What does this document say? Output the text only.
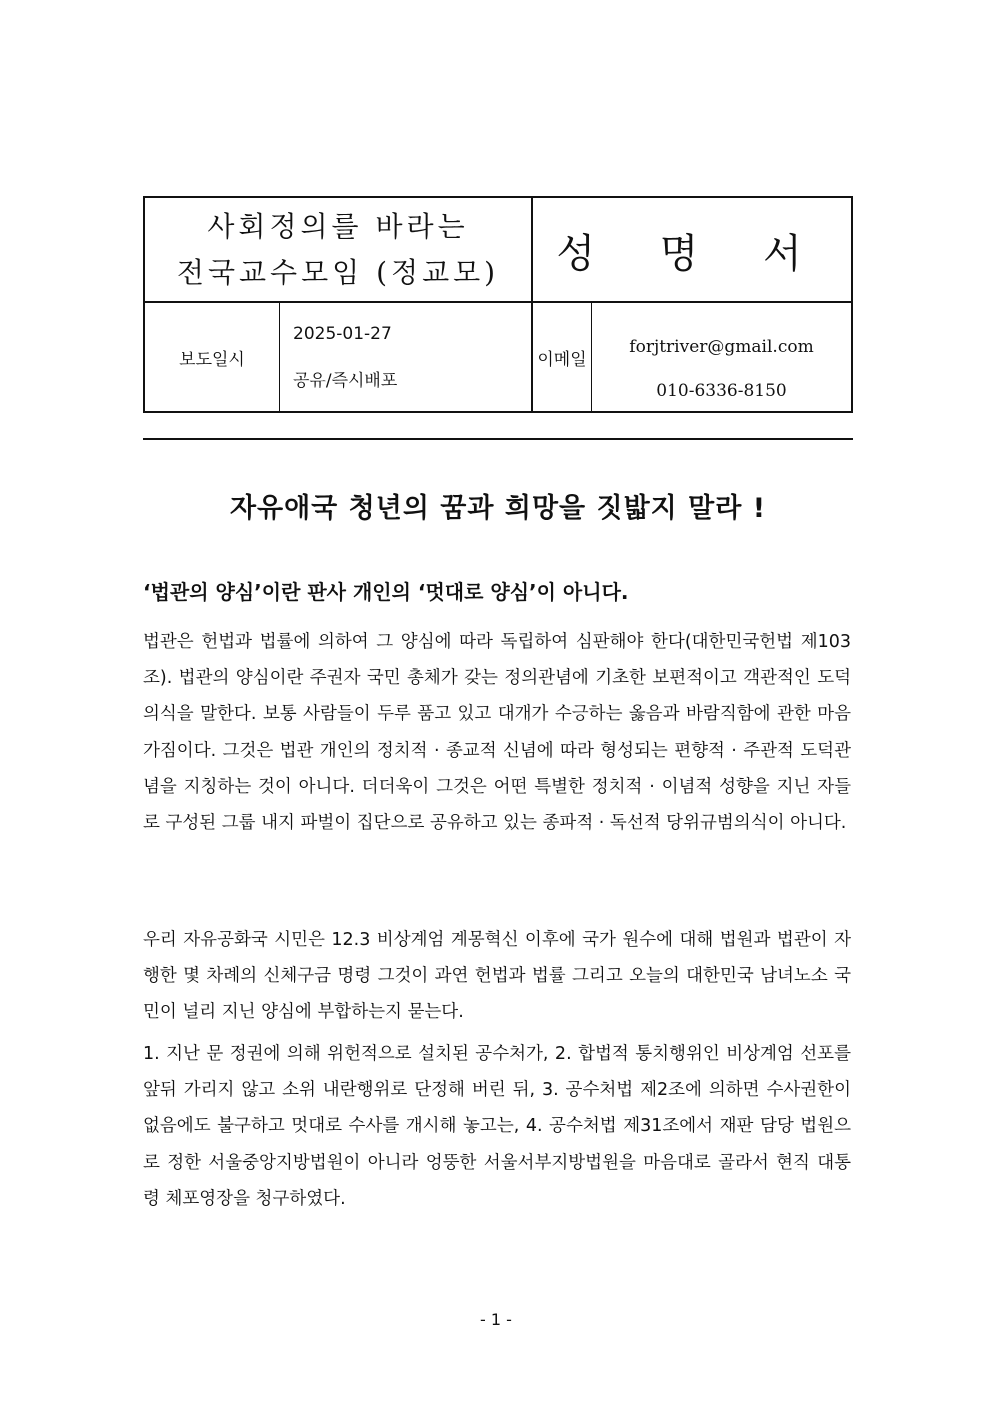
사회정의를 바라는
전국교수모임 (정교모)	성 명 서
보도일시
2025-01-27
공유/즉시배포
이메일
forjtriver@gmail.com
010-6336-8150
자유애국 청년의 꿈과 희망을 짓밟지 말라 !
‘법관의 양심’이란 판사 개인의 ‘멋대로 양심’이 아니다.

법관은 헌법과 법률에 의하여 그 양심에 따라 독립하여 심판해야 한다(대한민국헌법 제103조). 법관의 양심이란 주권자 국민 총체가 갖는 정의관념에 기초한 보편적이고 객관적인 도덕의식을 말한다. 보통 사람들이 두루 품고 있고 대개가 수긍하는 옳음과 바람직함에 관한 마음가짐이다. 그것은 법관 개인의 정치적 · 종교적 신념에 따라 형성되는 편향적 · 주관적 도덕관념을 지칭하는 것이 아니다. 더더욱이 그것은 어떤 특별한 정치적 · 이념적 성향을 지닌 자들로 구성된 그룹 내지 파벌이 집단으로 공유하고 있는 종파적 · 독선적 당위규범의식이 아니다.

우리 자유공화국 시민은 12.3 비상계엄 계몽혁신 이후에 국가 원수에 대해 법원과 법관이 자행한 몇 차례의 신체구금 명령 그것이 과연 헌법과 법률 그리고 오늘의 대한민국 남녀노소 국민이 널리 지닌 양심에 부합하는지 묻는다.

1. 지난 문 정권에 의해 위헌적으로 설치된 공수처가, 2. 합법적 통치행위인 비상계엄 선포를 앞뒤 가리지 않고 소위 내란행위로 단정해 버린 뒤, 3. 공수처법 제2조에 의하면 수사권한이 없음에도 불구하고 멋대로 수사를 개시해 놓고는, 4. 공수처법 제31조에서 재판 담당 법원으로 정한 서울중앙지방법원이 아니라 엉뚱한 서울서부지방법원을 마음대로 골라서 현직 대통령 체포영장을 청구하였다.

- 1 -
